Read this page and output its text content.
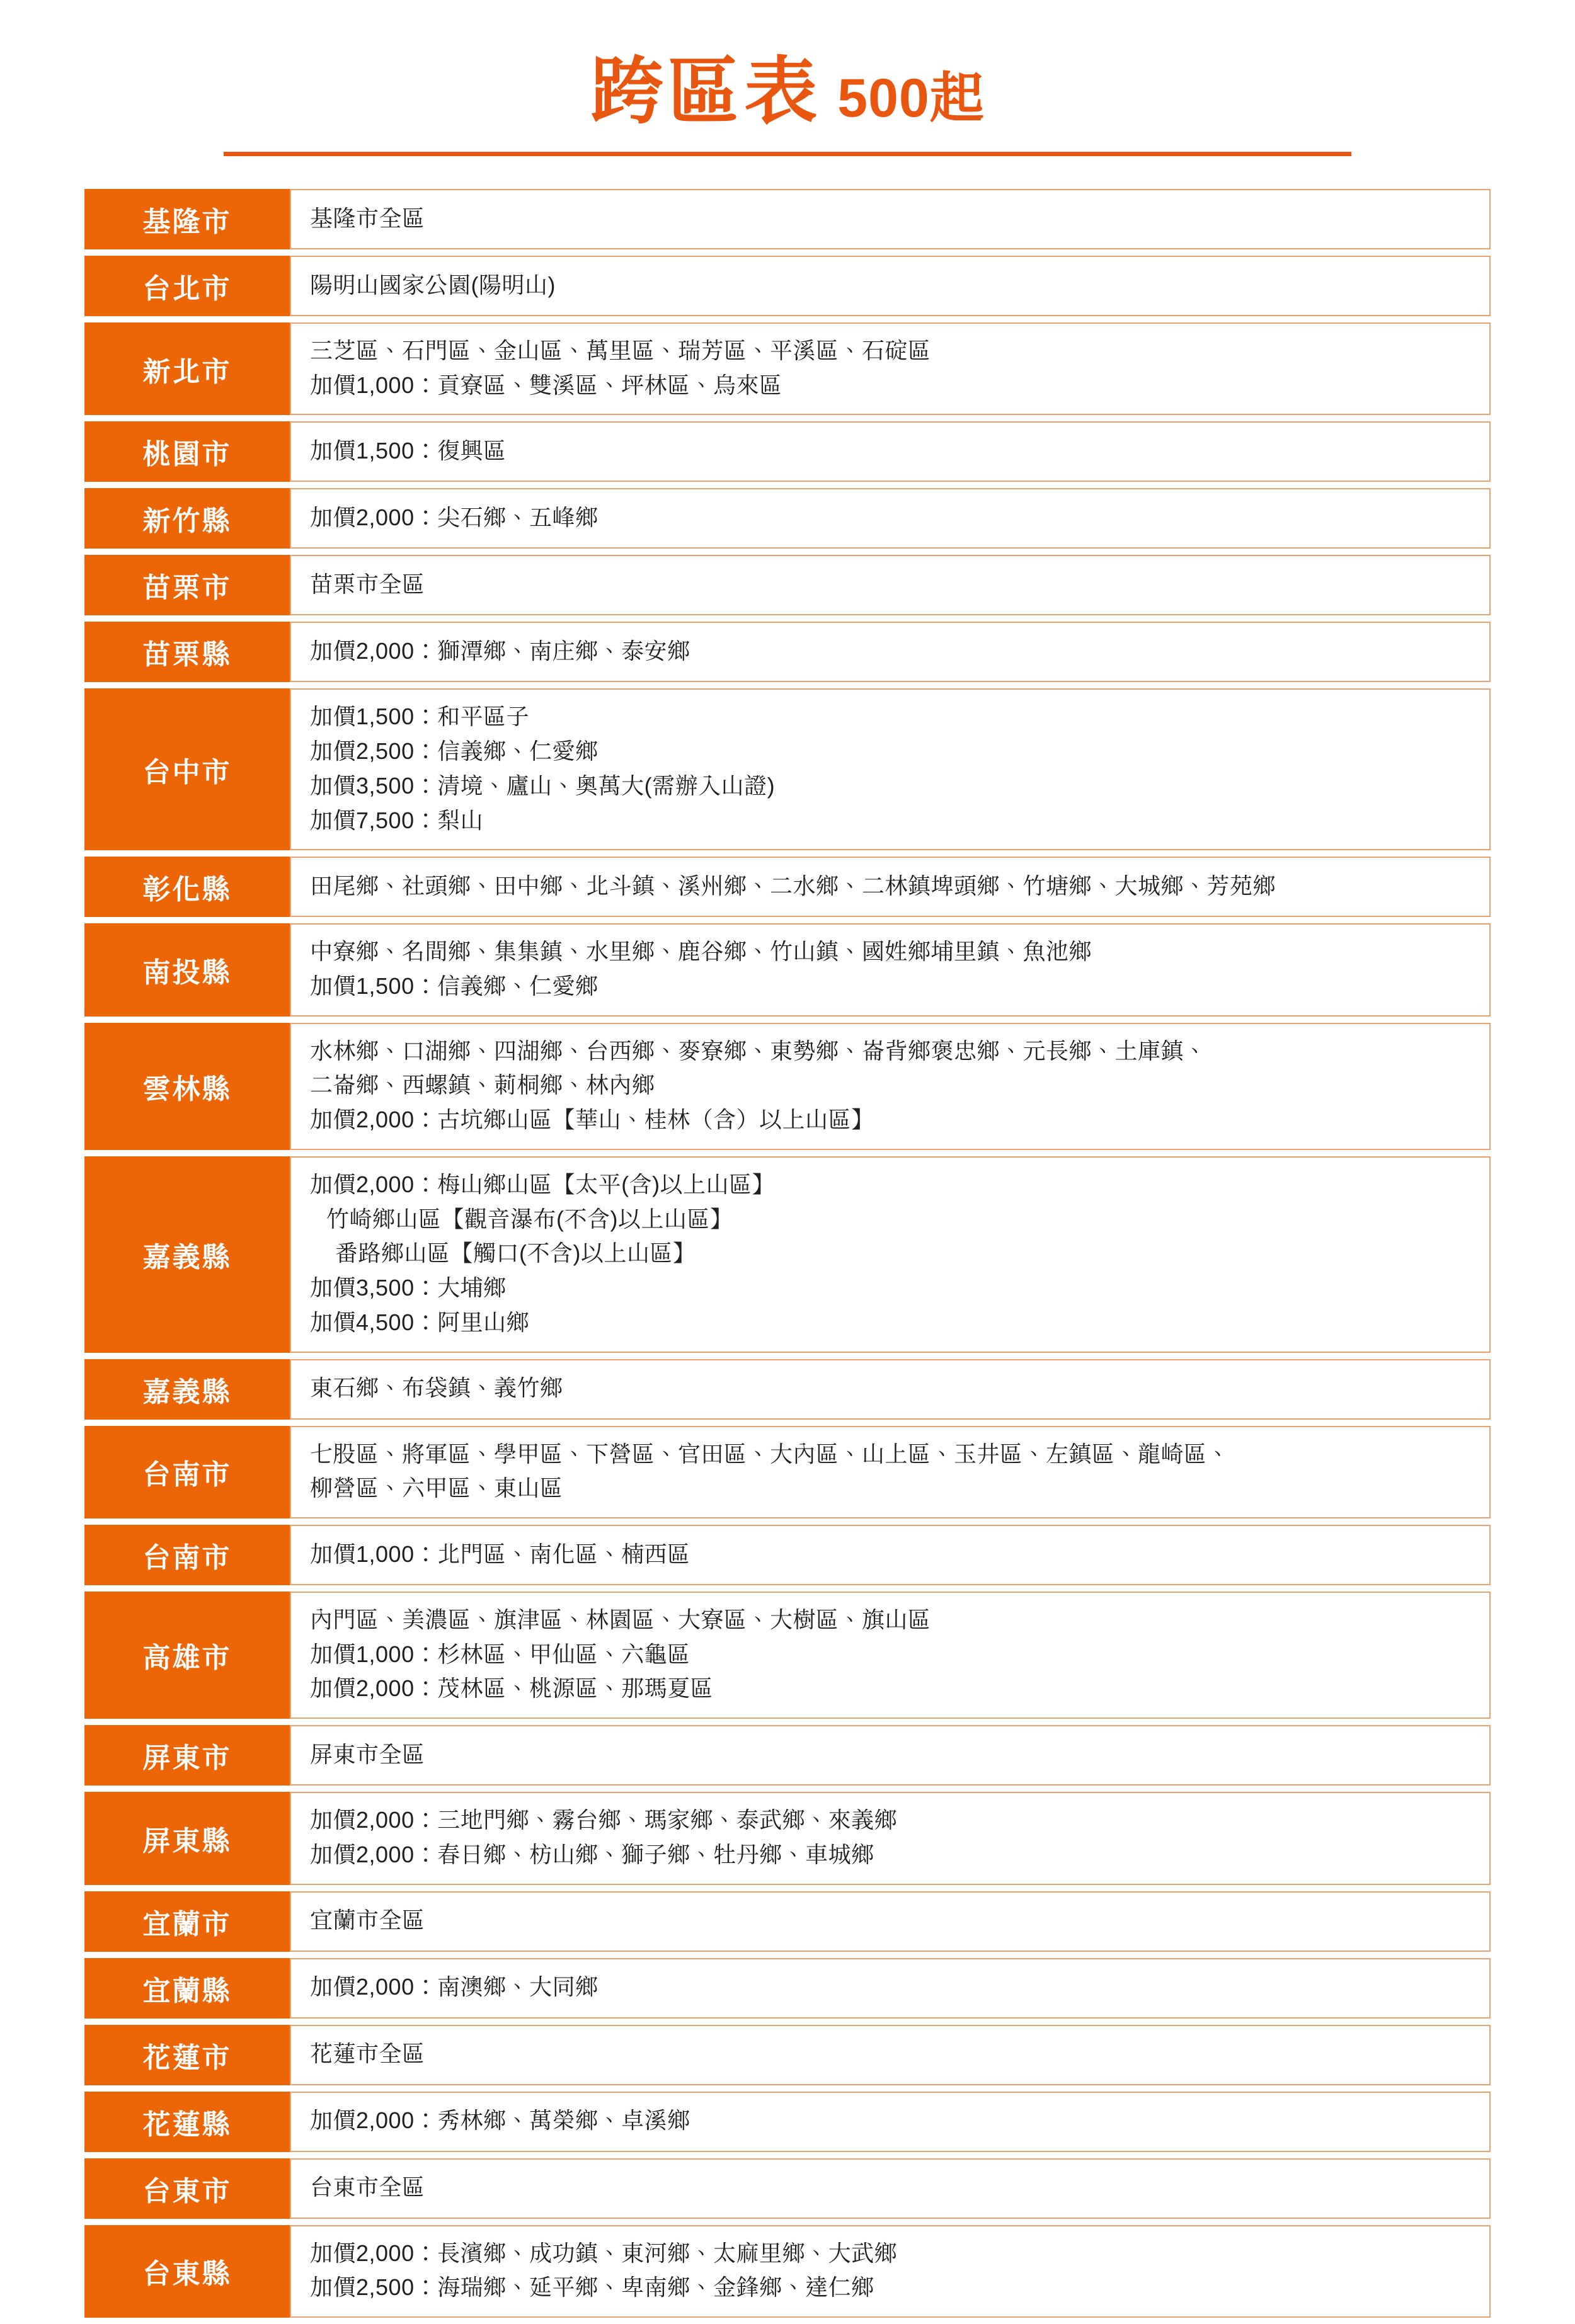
跨區表 500起
基隆市	基隆市全區

台北市	陽明山國家公園(陽明山)

新北市	三芝區、石門區、金山區、萬里區、瑞芳區、平溪區、石碇區
加價1,000：貢寮區、雙溪區、坪林區、烏來區

桃園市	加價1,500：復興區

新竹縣	加價2,000：尖石鄉、五峰鄉

苗栗市	苗栗市全區

苗栗縣	加價2,000：獅潭鄉、南庄鄉、泰安鄉

台中市	加價1,500：和平區子
加價2,500：信義鄉、仁愛鄉
加價3,500：清境、廬山、奧萬大(需辦入山證)
加價7,500：梨山

彰化縣	田尾鄉、社頭鄉、田中鄉、北斗鎮、溪州鄉、二水鄉、二林鎮埤頭鄉、竹塘鄉、大城鄉、芳苑鄉

南投縣	中寮鄉、名間鄉、集集鎮、水里鄉、鹿谷鄉、竹山鎮、國姓鄉埔里鎮、魚池鄉
加價1,500：信義鄉、仁愛鄉

雲林縣	水林鄉、口湖鄉、四湖鄉、台西鄉、麥寮鄉、東勢鄉、崙背鄉褒忠鄉、元長鄉、土庫鎮、
二崙鄉、西螺鎮、莿桐鄉、林內鄉
加價2,000：古坑鄉山區【華山、桂林（含）以上山區】

嘉義縣	加價2,000：梅山鄉山區【太平(含)以上山區】
竹崎鄉山區【觀音瀑布(不含)以上山區】
番路鄉山區【觸口(不含)以上山區】
加價3,500：大埔鄉
加價4,500：阿里山鄉

嘉義縣	東石鄉、布袋鎮、義竹鄉

台南市	七股區、將軍區、學甲區、下營區、官田區、大內區、山上區、玉井區、左鎮區、龍崎區、
柳營區、六甲區、東山區

台南市	加價1,000：北門區、南化區、楠西區

高雄市	內門區、美濃區、旗津區、林園區、大寮區、大樹區、旗山區
加價1,000：杉林區、甲仙區、六龜區
加價2,000：茂林區、桃源區、那瑪夏區

屏東市	屏東市全區

屏東縣	加價2,000：三地門鄉、霧台鄉、瑪家鄉、泰武鄉、來義鄉
加價2,000：春日鄉、枋山鄉、獅子鄉、牡丹鄉、車城鄉

宜蘭市	宜蘭市全區

宜蘭縣	加價2,000：南澳鄉、大同鄉

花蓮市	花蓮市全區

花蓮縣	加價2,000：秀林鄉、萬榮鄉、卓溪鄉

台東市	台東市全區

台東縣	加價2,000：長濱鄉、成功鎮、東河鄉、太麻里鄉、大武鄉
加價2,500：海瑞鄉、延平鄉、卑南鄉、金鋒鄉、達仁鄉
